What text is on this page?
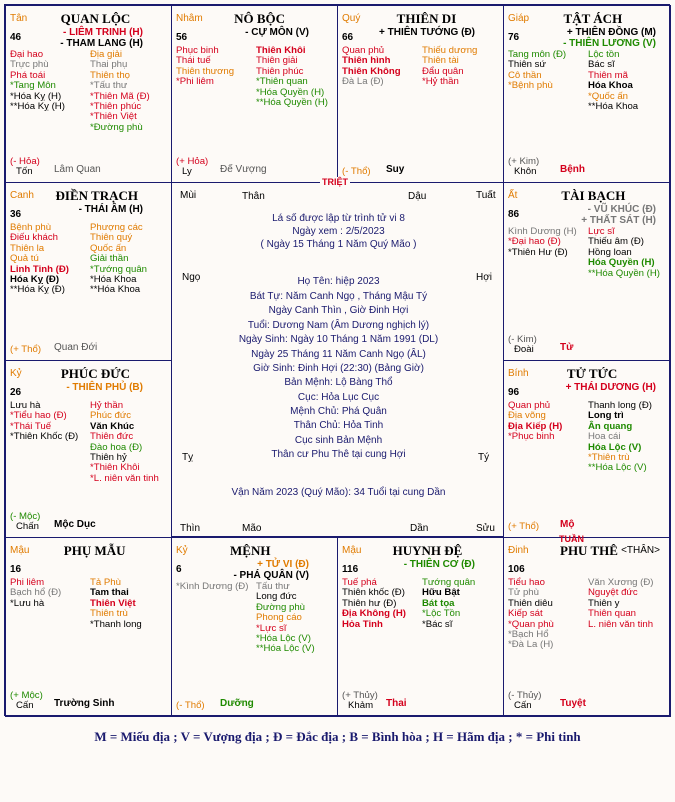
Tân
46
QUAN LỘC
- LIÊM TRINH (H)
- THAM LANG (H)
Đại hao
Trực phù
Phá toái
*Tang Môn
*Hóa Kỵ (H)
**Hóa Kỵ (H)
Địa giải
Thai phụ
Thiên thọ
*Tấu thư
*Thiên Mã (Đ)
*Thiên phúc
*Thiên Việt
*Đường phù
(- Hỏa)
Tốn	Lâm Quan
Nhâm
56
NÔ BỘC
- CỰ MÔN (V)
Phục binh
Thái tuế
Thiên thương
*Phi liêm
Thiên Khôi
Thiên giải
Thiên phúc
*Thiên quan
*Hóa Quyền (H)
**Hóa Quyền (H)
(+ Hỏa)
Ly	Đế Vượng
Quý
66
THIÊN DI
+ THIÊN TƯỚNG (Đ)
Quan phủ
Thiên hình
Thiên Không
Đà La (Đ)
Thiếu dương
Thiên tài
Đẩu quân
*Hỷ thần
(- Thổ) Suy
Giáp
76
TẬT ÁCH
+ THIÊN ĐỒNG (M)
- THIÊN LƯƠNG (V)
Tang môn (Đ)
Thiên sứ
Cô thần
*Bệnh phù
Lộc tồn
Bác sĩ
Thiên mã
Hóa Khoa
*Quốc ấn
**Hóa Khoa
(+ Kim)
Khôn Bệnh
Canh
36
ĐIỀN TRẠCH
- THÁI ÂM (H)
Bệnh phù
Điếu khách
Thiên la
Quả tú
Linh Tinh (Đ)
Hóa Kỵ (Đ)
**Hóa Kỵ (Đ)
Phượng các
Thiên quý
Quốc ấn
Giải thần
*Tướng quân
*Hóa Khoa
**Hóa Khoa
(+ Thổ) Quan Đới
Ất
86
TÀI BẠCH
- VŨ KHÚC (Đ)
+ THẤT SÁT (H)
Kình Dương (H)
*Đại hao (Đ)
*Thiên Hư (Đ)
Lực sĩ
Thiếu âm (Đ)
Hồng loan
Hóa Quyền (H)
**Hóa Quyền (H)
(- Kim)
Đoài	Tử
Kỷ
26
PHÚC ĐỨC
- THIÊN PHỦ (B)
Lưu hà
*Tiểu hao (Đ)
*Thái Tuế
*Thiên Khốc (Đ)
Hỷ thần
Phúc đức
Văn Khúc
Thiên đức
Đào hoa (Đ)
Thiên hỷ
*Thiên Khôi
*L. niên văn tinh
(- Mộc)
Chấn Mộc Dục
Bính
96
TỬ TỨC
+ THÁI DƯƠNG (H)
Quan phủ
Địa võng
Địa Kiếp (H)
*Phục binh
Thanh long (Đ)
Long trì
Ân quang
Hoa cái
Hóa Lộc (V)
*Thiên trù
**Hóa Lộc (V)
(+ Thổ) Mộ
Mậu
16
PHỤ MẪU
Phi liêm
Bạch hổ (Đ)
*Lưu hà
Tả Phù
Tam thai
Thiên Việt
Thiên trù
*Thanh long
(+ Mộc)
Cấn	Trường Sinh
Kỷ
6
MỆNH
+ TỬ VI (Đ)
- PHÁ QUÂN (V)
*Kình Dương (Đ) Tấu thư
Long đức
Đường phù
Phong cáo
*Lực sĩ
*Hóa Lộc (V)
**Hóa Lộc (V)
(- Thổ) Dưỡng
Mậu
116
HUYNH ĐỆ
- THIÊN CƠ (Đ)
Tuế phá
Thiên khốc (Đ)
Thiên hư (Đ)
Địa Không (H)
Hỏa Tinh
Tướng quân
Hữu Bật
Bát tọa
*Lộc Tồn
*Bác sĩ
(+ Thủy)
Khảm	Thai
Đinh
106
PHU THÊ <THÂN>
Tiểu hao
Tử phù
Thiên diêu
Kiếp sát
*Quan phù
*Bạch Hổ
*Đà La (H)
Văn Xương (Đ)
Nguyệt đức
Thiên y
Thiên quan
L. niên văn tinh
(- Thủy)
Cấn	Tuyệt
TRIỆT
Mùi	Thân	Dậu	Tuất
Ngọ	Hợi
Tỵ	Tý
Thìn	Mão	Dần	Sửu
Lá số được lập từ trình tử vi 8
Ngày xem : 2/5/2023
( Ngày 15 Tháng 1 Năm Quý Mão )
Họ Tên: hiệp 2023
Bát Tự: Năm Canh Ngọ , Tháng Mậu Tý
Ngày Canh Thìn , Giờ Đinh Hợi
Tuổi: Dương Nam (Âm Dương nghịch lý)
Ngày Sinh: Ngày 10 Tháng 1 Năm 1991 (DL)
Ngày 25 Tháng 11 Năm Canh Ngọ (ÂL)
Giờ Sinh: Đinh Hợi (22:30) (Bảng Giờ)
Bản Mệnh: Lộ Bàng Thổ
Cục: Hỏa Lục Cục
Mệnh Chủ: Phá Quân
Thân Chủ: Hỏa Tinh
Cục sinh Bản Mệnh
Thân cư Phu Thê tại cung Hợi
Vận Năm 2023 (Quý Mão): 34 Tuổi tại cung Dần
TUẦN
M = Miếu địa ; V = Vượng địa ; Đ = Đắc địa ; B = Bình hòa ; H = Hãm địa ; * = Phi tinh
